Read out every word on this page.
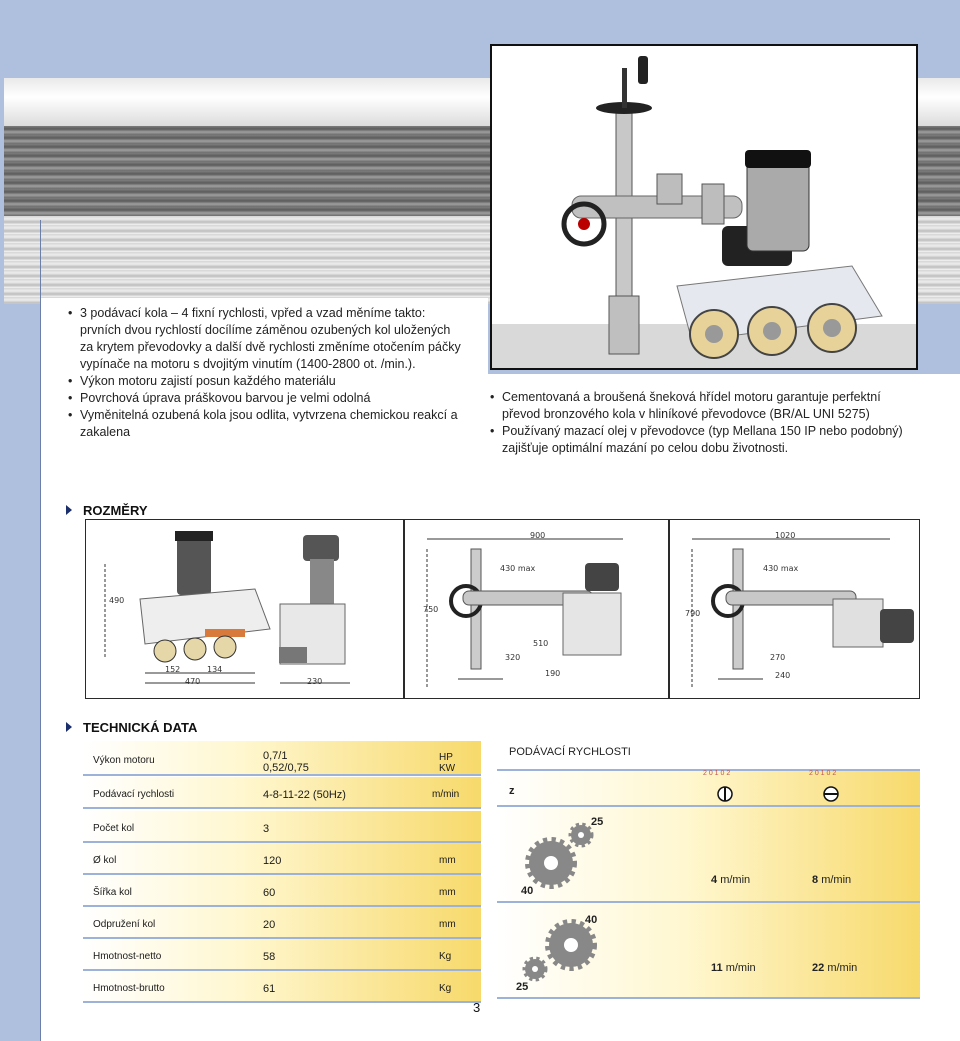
• 3 podávací kola – 4 fixní rychlosti, vpřed a vzad měníme takto: prvních dvou rychlostí docílíme záměnou ozubených kol uložených za krytem převodovky a další dvě rychlosti změníme otočením páčky vypínače na motoru s dvojitým vinutím (1400-2800 ot. /min.).
• Výkon motoru zajistí posun každého materiálu
• Povrchová úprava práškovou barvou je velmi odolná
• Vyměnitelná ozubená kola jsou odlita, vytvrzena chemickou reakcí a zakalena
• Cementovaná a broušená šneková hřídel motoru garantuje perfektní převod bronzového kola v hliníkové převodovce (BR/AL UNI 5275)
• Používaný mazací olej v převodovce (typ Mellana 150 IP nebo podobný) zajišťuje optimální mazání po celou dobu životnosti.
ROZMĚRY
490
152	134
470	230
900
430 max
750
510
320
190
1020
430 max
790
270
240
TECHNICKÁ DATA
Výkon motoru	0,7/1
0,52/0,75
HP
KW
Podávací rychlosti	4-8-11-22 (50Hz)	m/min
Počet kol	3
Ø kol	120	mm
Šířka kol	60	mm
Odpružení kol	20	mm
Hmotnost-netto	58	Kg
Hmotnost-brutto	61	Kg
PODÁVACÍ RYCHLOSTI
z
2 0 1 0 2	2 0 1 0 2
25
40
4 m/min	8 m/min
40
25
11 m/min	22 m/min
3
